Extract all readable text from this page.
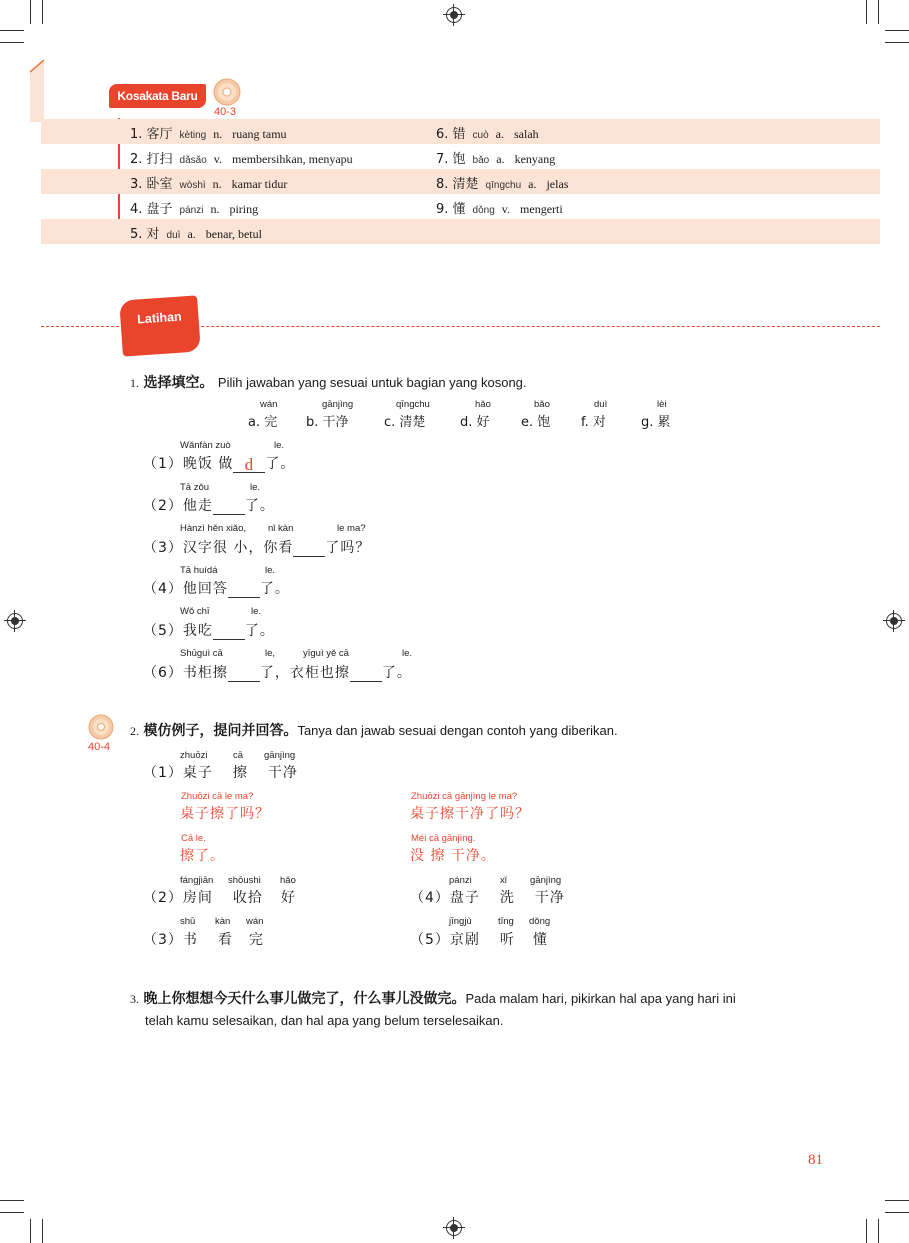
Kosakata Baru
40-3
1. 客厅 kèting n. ruang tamu
2. 打扫 dǎsǎo v. membersihkan, menyapu
3. 卧室 wòshì n. kamar tidur
4. 盘子 pánzi n. piring
5. 对 duì a. benar, betul
6. 错 cuò a. salah
7. 饱 bǎo a. kenyang
8. 清楚 qīngchu a. jelas
9. 懂 dǒng v. mengerti
Latihan
1. 选择填空。 Pilih jawaban yang sesuai untuk bagian yang kosong.
wán
a. 完
gānjìng
b. 干净
qīngchu
c. 清楚
hǎo
d. 好
bǎo
e. 饱
duì
f. 对
lèi
g. 累
Wǎnfàn zuò	le.
（1）晚饭 做 d 了。
Tā zǒu	le.
（2）他走 了。
Hànzì hěn xiǎo, nǐ kàn	le ma?
（3）汉字很 小，你看 了吗？
Tā huídá	le.
（4）他回答 了。
Wǒ chī	le.
（5）我吃 了。
Shūguì cā	le,	yīguì yě cā	le.
（6）书柜擦 了，衣柜也擦 了。
40-4
2. 模仿例子，提问并回答。Tanya dan jawab sesuai dengan contoh yang diberikan.
zhuōzi	cā gānjìng
（1）桌子 擦 干净
Zhuōzi cā le ma?
桌子擦了吗？
Cā le.
擦了。
Zhuōzi cā gānjìng le ma?
桌子擦干净了吗？
Méi cā gānjìng.
没 擦 干净。
fángjiān shōushi hǎo
（2）房间 收拾 好
shū kàn wán
（3）书 看 完
pánzi	xǐ gānjìng
（4）盘子 洗 干净
jīngjù	tīng dǒng
（5）京剧 听 懂
3. 晚上你想想今天什么事儿做完了，什么事儿没做完。Pada malam hari, pikirkan hal apa yang hari ini
telah kamu selesaikan, dan hal apa yang belum terselesaikan.
81
